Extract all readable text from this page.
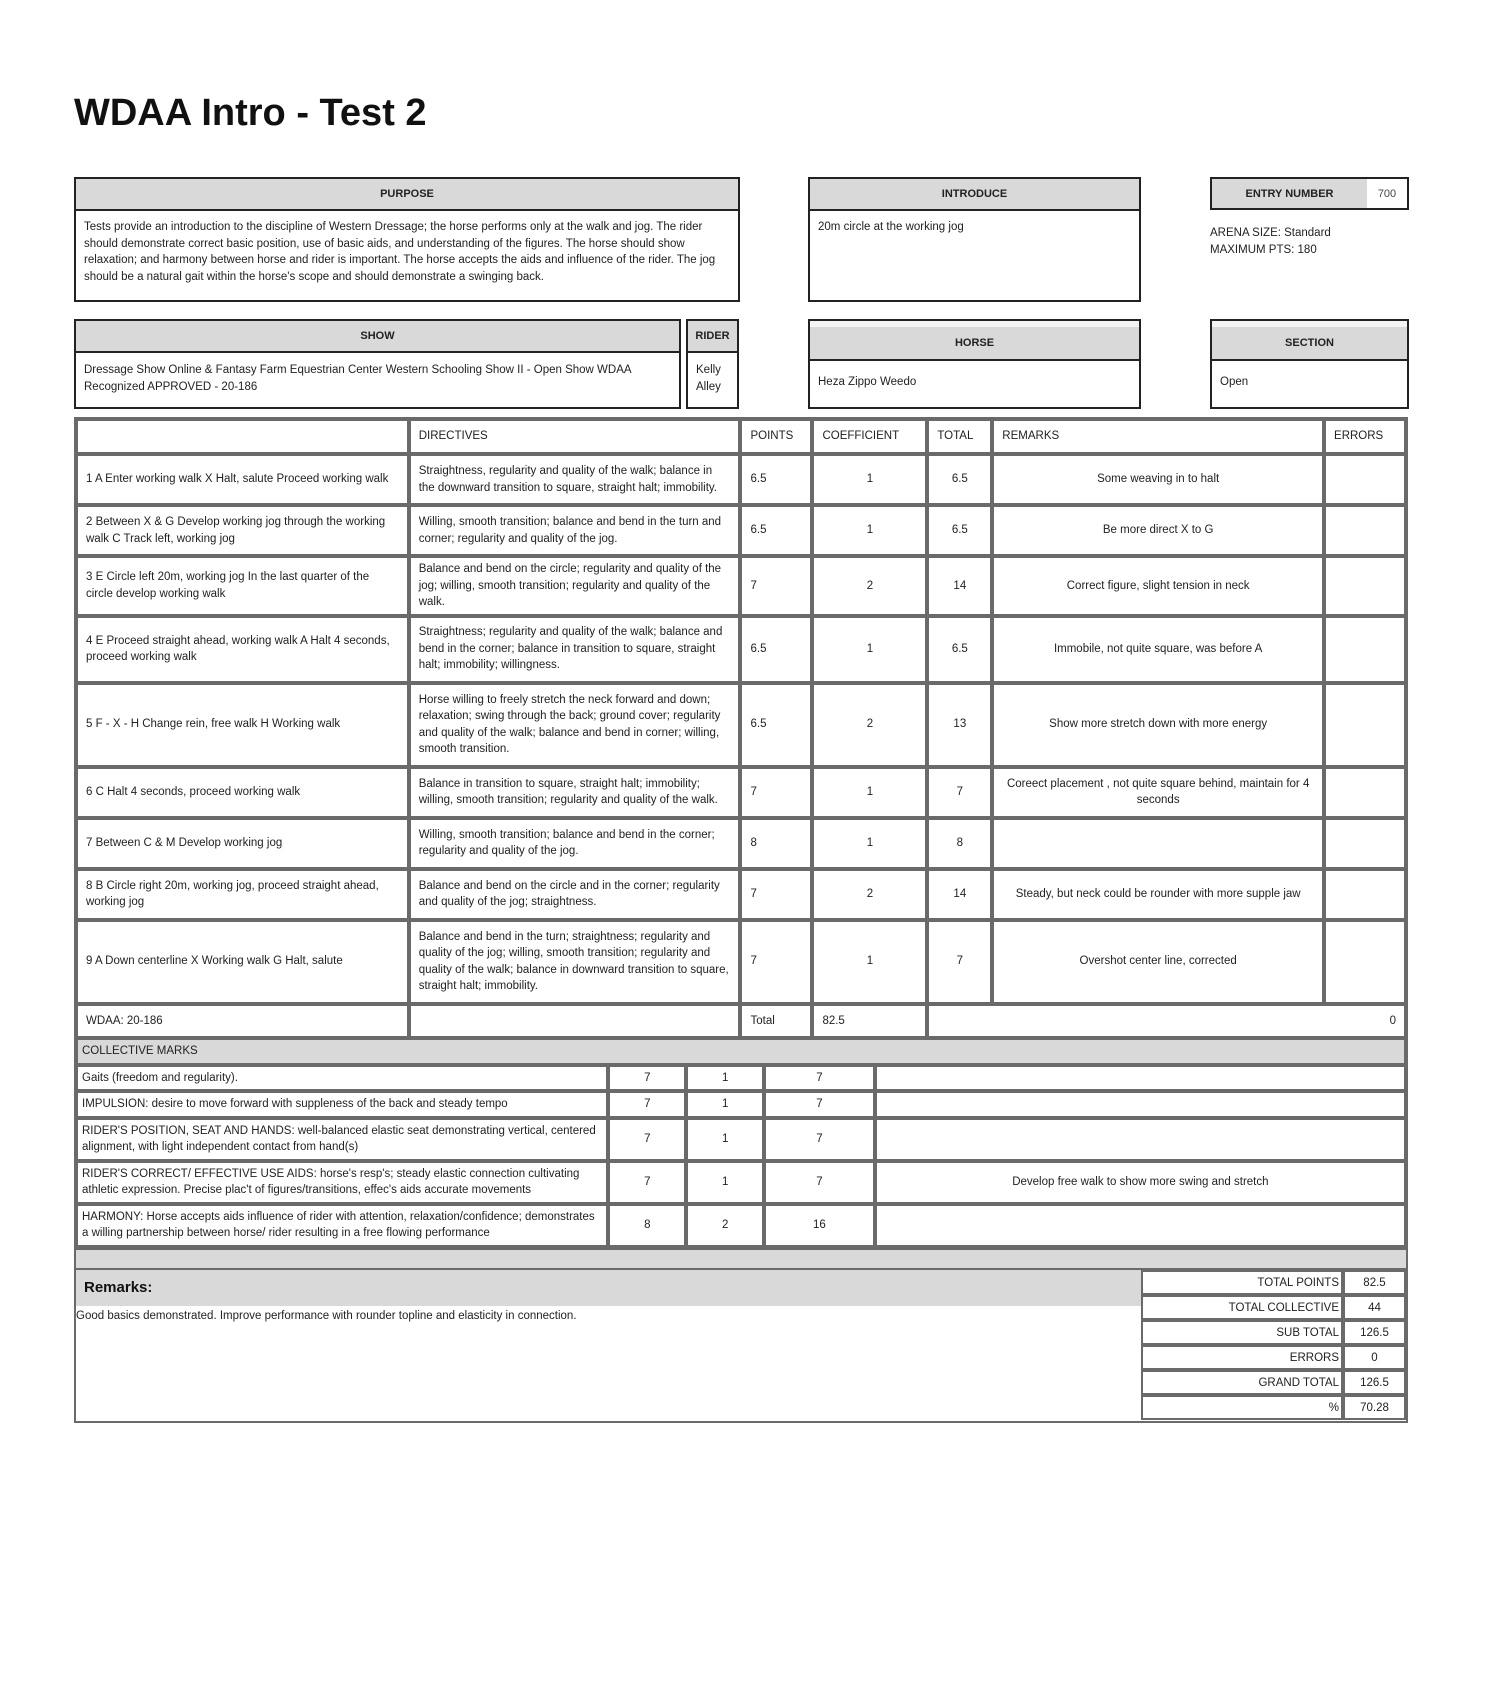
WDAA Intro - Test 2
PURPOSE
Tests provide an introduction to the discipline of Western Dressage; the horse performs only at the walk and jog. The rider should demonstrate correct basic position, use of basic aids, and understanding of the figures. The horse should show relaxation; and harmony between horse and rider is important. The horse accepts the aids and influence of the rider. The jog should be a natural gait within the horse's scope and should demonstrate a swinging back.
INTRODUCE
20m circle at the working jog
ENTRY NUMBER	700
ARENA SIZE: Standard
MAXIMUM PTS: 180
SHOW
Dressage Show Online & Fantasy Farm Equestrian Center Western Schooling Show II - Open Show WDAA Recognized APPROVED - 20-186
RIDER
Kelly Alley
HORSE
Heza Zippo Weedo
SECTION
Open
	DIRECTIVES	POINTS	COEFFICIENT	TOTAL	REMARKS	ERRORS
1 A Enter working walk X Halt, salute Proceed working walk	Straightness, regularity and quality of the walk; balance in the downward transition to square, straight halt; immobility.	6.5	1	6.5	Some weaving in to halt	
2 Between X & G Develop working jog through the working walk C Track left, working jog	Willing, smooth transition; balance and bend in the turn and corner; regularity and quality of the jog.	6.5	1	6.5	Be more direct X to G	
3 E Circle left 20m, working jog In the last quarter of the circle develop working walk	Balance and bend on the circle; regularity and quality of the jog; willing, smooth transition; regularity and quality of the walk.	7	2	14	Correct figure, slight tension in neck	
4 E Proceed straight ahead, working walk A Halt 4 seconds, proceed working walk	Straightness; regularity and quality of the walk; balance and bend in the corner; balance in transition to square, straight halt; immobility; willingness.	6.5	1	6.5	Immobile, not quite square, was before A	
5 F - X - H Change rein, free walk H Working walk	Horse willing to freely stretch the neck forward and down; relaxation; swing through the back; ground cover; regularity and quality of the walk; balance and bend in corner; willing, smooth transition.	6.5	2	13	Show more stretch down with more energy	
6 C Halt 4 seconds, proceed working walk	Balance in transition to square, straight halt; immobility; willing, smooth transition; regularity and quality of the walk.	7	1	7	Coreect placement , not quite square behind, maintain for 4 seconds	
7 Between C & M Develop working jog	Willing, smooth transition; balance and bend in the corner; regularity and quality of the jog.	8	1	8		
8 B Circle right 20m, working jog, proceed straight ahead, working jog	Balance and bend on the circle and in the corner; regularity and quality of the jog; straightness.	7	2	14	Steady, but neck could be rounder with more supple jaw	
9 A Down centerline X Working walk G Halt, salute	Balance and bend in the turn; straightness; regularity and quality of the jog; willing, smooth transition; regularity and quality of the walk; balance in downward transition to square, straight halt; immobility.	7	1	7	Overshot center line, corrected	
WDAA: 20-186		Total	82.5	0		
COLLECTIVE MARKS				
Gaits (freedom and regularity).	7	1	7	
IMPULSION: desire to move forward with suppleness of the back and steady tempo	7	1	7	
RIDER'S POSITION, SEAT AND HANDS: well-balanced elastic seat demonstrating vertical, centered alignment, with light independent contact from hand(s)	7	1	7	
RIDER'S CORRECT/ EFFECTIVE USE AIDS: horse's resp's; steady elastic connection cultivating athletic expression. Precise plac't of figures/transitions, effec's aids accurate movements	7	1	7	Develop free walk to show more swing and stretch
HARMONY: Horse accepts aids influence of rider with attention, relaxation/confidence; demonstrates a willing partnership between horse/ rider resulting in a free flowing performance	8	2	16	
Remarks:
Good basics demonstrated. Improve performance with rounder topline and elasticity in connection.
TOTAL POINTS	82.5
TOTAL COLLECTIVE	44
SUB TOTAL	126.5
ERRORS	0
GRAND TOTAL	126.5
%	70.28
